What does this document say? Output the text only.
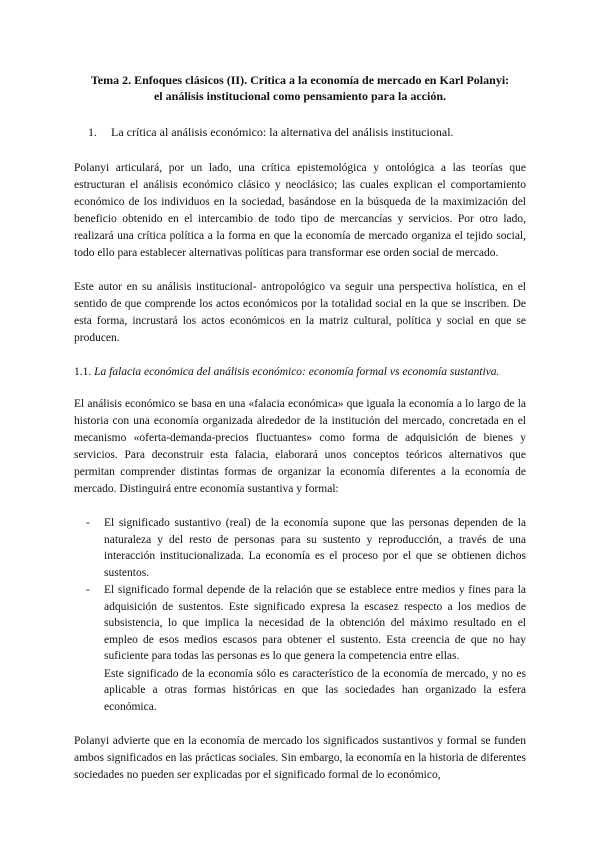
Tema 2. Enfoques clásicos (II). Crítica a la economía de mercado en Karl Polanyi:
el análisis institucional como pensamiento para la acción.
1. La crítica al análisis económico: la alternativa del análisis institucional.

Polanyi articulará, por un lado, una crítica epistemológica y ontológica a las teorías que estructuran el análisis económico clásico y neoclásico; las cuales explican el comportamiento económico de los individuos en la sociedad, basándose en la búsqueda de la maximización del beneficio obtenido en el intercambio de todo tipo de mercancías y servicios. Por otro lado, realizará una crítica política a la forma en que la economía de mercado organiza el tejido social, todo ello para establecer alternativas políticas para transformar ese orden social de mercado.

Este autor en su análisis institucional- antropológico va seguir una perspectiva holística, en el sentido de que comprende los actos económicos por la totalidad social en la que se inscriben. De esta forma, incrustará los actos económicos en la matriz cultural, política y social en que se producen.

1.1. La falacia económica del análisis económico: economía formal vs economía sustantiva.

El análisis económico se basa en una «falacia económica» que iguala la economía a lo largo de la historia con una economía organizada alrededor de la institución del mercado, concretada en el mecanismo «oferta-demanda-precios fluctuantes» como forma de adquisición de bienes y servicios. Para deconstruir esta falacia, elaborará unos conceptos teóricos alternativos que permitan comprender distintas formas de organizar la economía diferentes a la economía de mercado. Distinguirá entre economía sustantiva y formal:

- El significado sustantivo (real) de la economía supone que las personas dependen de la naturaleza y del resto de personas para su sustento y reproducción, a través de una interacción institucionalizada. La economía es el proceso por el que se obtienen dichos sustentos.
- El significado formal depende de la relación que se establece entre medios y fines para la adquisición de sustentos. Este significado expresa la escasez respecto a los medios de subsistencia, lo que implica la necesidad de la obtención del máximo resultado en el empleo de esos medios escasos para obtener el sustento. Esta creencia de que no hay suficiente para todas las personas es lo que genera la competencia entre ellas.
Este significado de la economía sólo es característico de la economía de mercado, y no es aplicable a otras formas históricas en que las sociedades han organizado la esfera económica.

Polanyi advierte que en la economía de mercado los significados sustantivos y formal se funden ambos significados en las prácticas sociales. Sin embargo, la economía en la historia de diferentes sociedades no pueden ser explicadas por el significado formal de lo económico,
